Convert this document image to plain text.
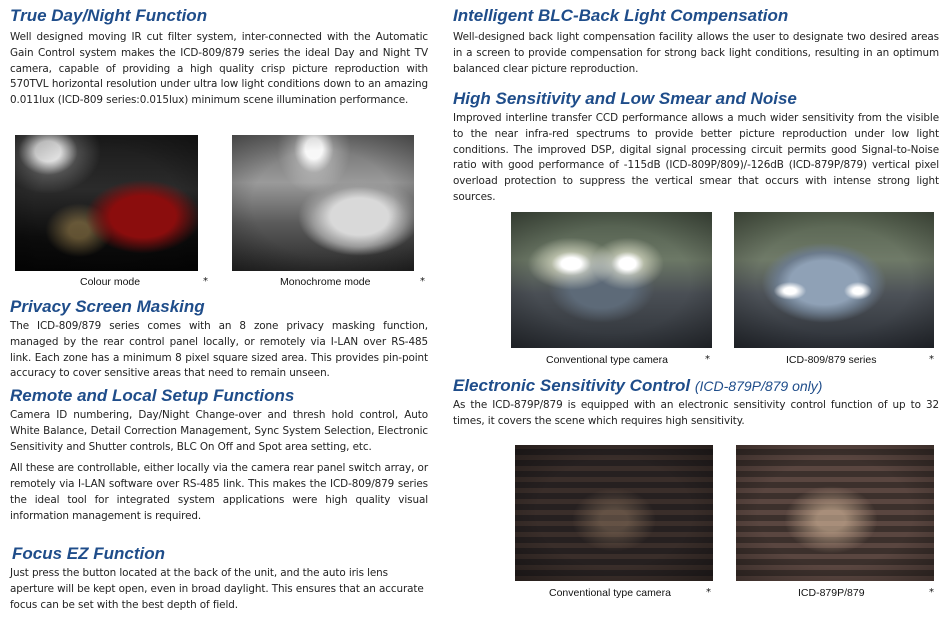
True Day/Night Function

Well designed moving IR cut filter system, inter-connected with the Automatic Gain Control system makes the ICD-809/879 series the ideal Day and Night TV camera, capable of providing a high quality crisp picture reproduction with 570TVL horizontal resolution under ultra low light conditions down to an amazing 0.011lux (ICD-809 series:0.015lux) minimum scene illumination performance.

Colour mode	*	Monochrome mode	*
Privacy Screen Masking

The ICD-809/879 series comes with an 8 zone privacy masking function, managed by the rear control panel locally, or remotely via I-LAN over RS-485 link. Each zone has a minimum 8 pixel square sized area. This provides pin-point accuracy to cover sensitive areas that need to remain unseen.

Remote and Local Setup Functions

Camera ID numbering, Day/Night Change-over and thresh hold control, Auto White Balance, Detail Correction Management, Sync System Selection, Electronic Sensitivity and Shutter controls, BLC On Off and Spot area setting, etc.

All these are controllable, either locally via the camera rear panel switch array, or remotely via I-LAN software over RS-485 link. This makes the ICD-809/879 series the ideal tool for integrated system applications were high quality visual information management is required.

Focus EZ Function

Just press the button located at the back of the unit, and the auto iris lens aperture will be kept open, even in broad daylight. This ensures that an accurate focus can be set with the best depth of field.

Intelligent BLC-Back Light Compensation

Well-designed back light compensation facility allows the user to designate two desired areas in a screen to provide compensation for strong back light conditions, resulting in an optimum balanced clear picture reproduction.

High Sensitivity and Low Smear and Noise

Improved interline transfer CCD performance allows a much wider sensitivity from the visible to the near infra-red spectrums to provide better picture reproduction under low light conditions. The improved DSP, digital signal processing circuit permits good Signal-to-Noise ratio with good performance of -115dB (ICD-809P/809)/-126dB (ICD-879P/879) vertical pixel overload protection to suppress the vertical smear that occurs with intense strong light sources.

Conventional type camera	*	ICD-809/879 series	*
Electronic Sensitivity Control (ICD-879P/879 only)

As the ICD-879P/879 is equipped with an electronic sensitivity control function of up to 32 times, it covers the scene which requires high sensitivity.

Conventional type camera	*	ICD-879P/879	*
